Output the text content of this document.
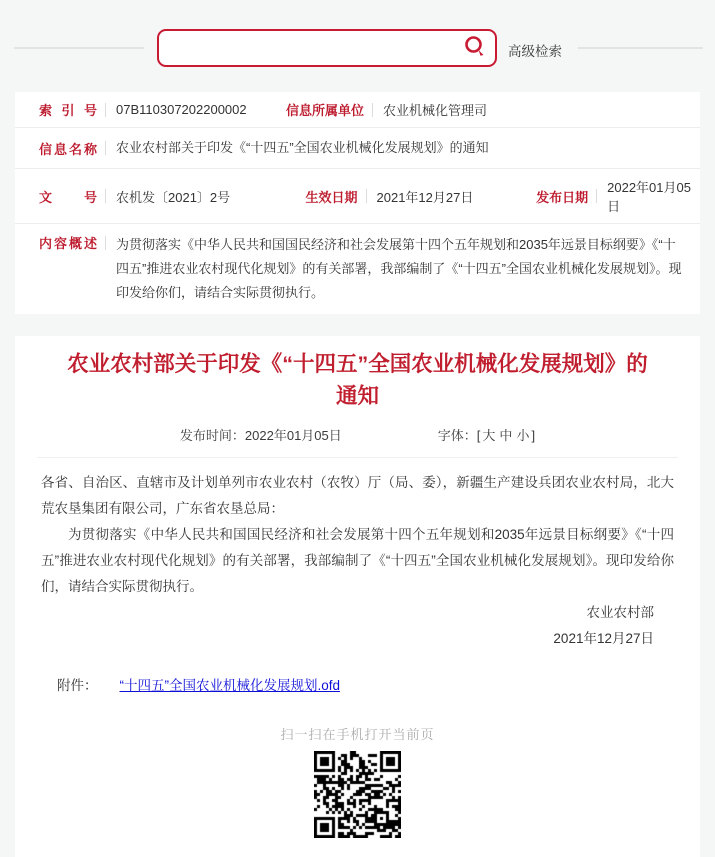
高级检索
索引号 07B110307202200002	信息所属单位 农业机械化管理司
信息名称 农业农村部关于印发《“十四五”全国农业机械化发展规划》的通知
文号 农机发〔2021〕2号	生效日期 2021年12月27日	发布日期
2022年01月05日
内容概述 为贯彻落实《中华人民共和国国民经济和社会发展第十四个五年规划和2035年远景目标纲要》《“十四五”推进农业农村现代化规划》的有关部署，我部编制了《“十四五”全国农业机械化发展规划》。现印发给你们，请结合实际贯彻执行。
农业农村部关于印发《“十四五”全国农业机械化发展规划》的通知
发布时间：2022年01月05日	字体：[ 大 中 小 ]

各省、自治区、直辖市及计划单列市农业农村（农牧）厅（局、委），新疆生产建设兵团农业农村局，北大荒农垦集团有限公司，广东省农垦总局：

为贯彻落实《中华人民共和国国民经济和社会发展第十四个五年规划和2035年远景目标纲要》《“十四五”推进农业农村现代化规划》的有关部署，我部编制了《“十四五”全国农业机械化发展规划》。现印发给你们，请结合实际贯彻执行。

农业农村部
2021年12月27日
附件： “十四五”全国农业机械化发展规划.ofd
扫一扫在手机打开当前页
